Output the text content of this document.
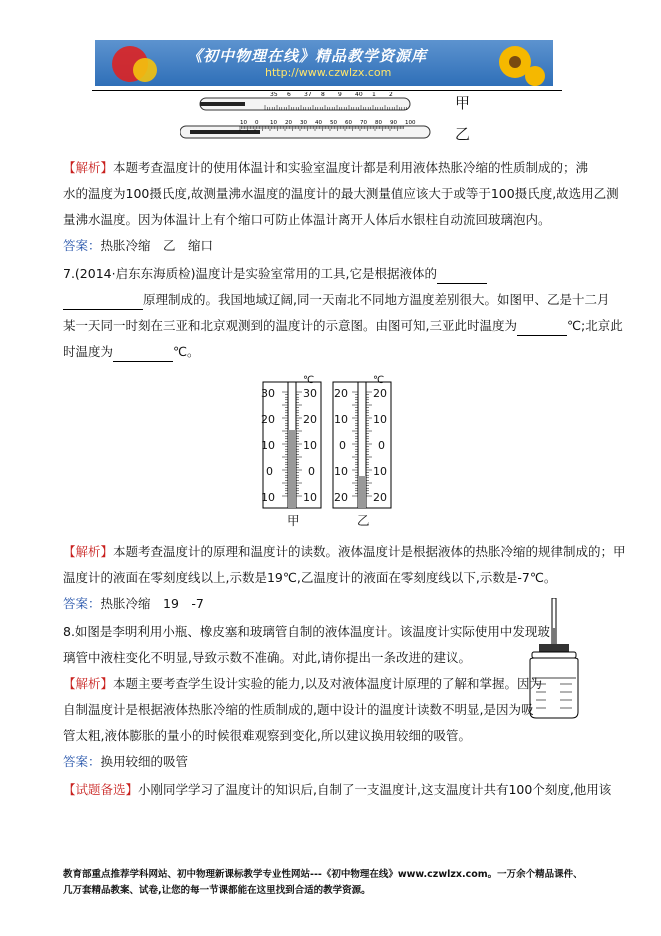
《初中物理在线》精品教学资源库
http://www.czwlzx.com
35 6 37 8 9 40 1 2
10 0 10 20 30 40 50 60 70 80 90 100
甲
乙
【解析】本题考查温度计的使用体温计和实验室温度计都是利用液体热胀冷缩的性质制成的；沸
水的温度为100摄氏度,故测量沸水温度的温度计的最大测量值应该大于或等于100摄氏度,故选用乙测
量沸水温度。因为体温计上有个缩口可防止体温计离开人体后水银柱自动流回玻璃泡内。
答案：热胀冷缩　乙　缩口
7.(2014·启东东海质检)温度计是实验室常用的工具,它是根据液体的
原理制成的。我国地域辽阔,同一天南北不同地方温度差别很大。如图甲、乙是十二月
某一天同一时刻在三亚和北京观测到的温度计的示意图。由图可知,三亚此时温度为	℃;北京此
时温度为	℃。
℃	℃
30
20
10
0
10
30
20
10
0
10
20
10
0
10
20
20
10
0
10
20
甲	乙
【解析】本题考查温度计的原理和温度计的读数。液体温度计是根据液体的热胀冷缩的规律制成的；甲
温度计的液面在零刻度线以上,示数是19℃,乙温度计的液面在零刻度线以下,示数是-7℃。
答案：热胀冷缩　19　-7
8.如图是李明利用小瓶、橡皮塞和玻璃管自制的液体温度计。该温度计实际使用中发现玻
璃管中液柱变化不明显,导致示数不准确。对此,请你提出一条改进的建议。
【解析】本题主要考查学生设计实验的能力,以及对液体温度计原理的了解和掌握。因为
自制温度计是根据液体热胀冷缩的性质制成的,题中设计的温度计读数不明显,是因为吸
管太粗,液体膨胀的量小的时候很难观察到变化,所以建议换用较细的吸管。
答案：换用较细的吸管
【试题备选】小刚同学学习了温度计的知识后,自制了一支温度计,这支温度计共有100个刻度,他用该
教育部重点推荐学科网站、初中物理新课标教学专业性网站---《初中物理在线》www.czwlzx.com。一万余个精品课件、
几万套精品教案、试卷,让您的每一节课都能在这里找到合适的教学资源。
